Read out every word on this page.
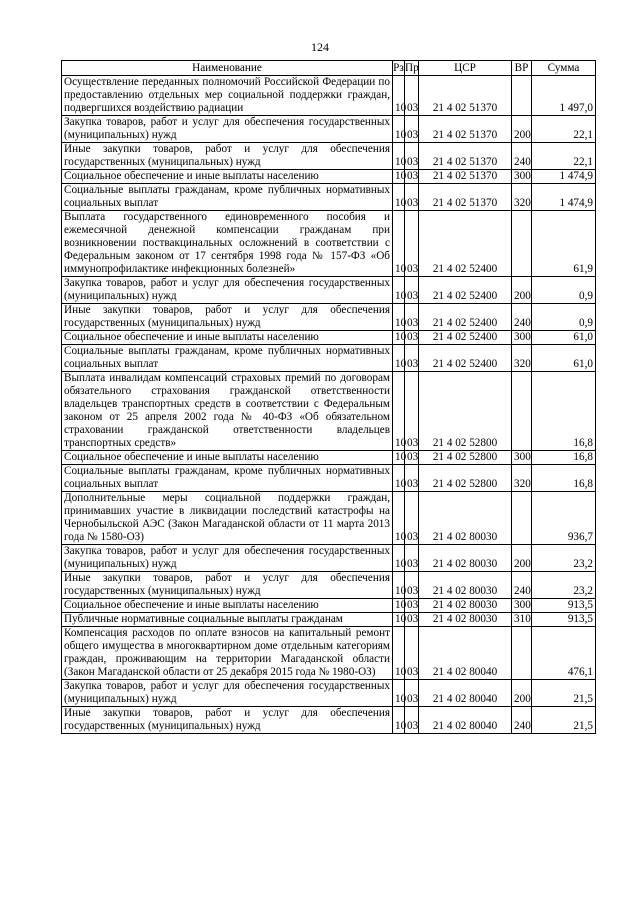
124
Наименование	Рз	Пр	ЦСР	ВР	Сумма
Осуществление переданных полномочий Российской Федерации по предоставлению отдельных мер социальной поддержки граждан, подвергшихся воздействию радиации	10	03	21 4 02 51370		1 497,0
Закупка товаров, работ и услуг для обеспечения государственных (муниципальных) нужд	10	03	21 4 02 51370	200	22,1
Иные закупки товаров, работ и услуг для обеспечения государственных (муниципальных) нужд	10	03	21 4 02 51370	240	22,1
Социальное обеспечение и иные выплаты населению	10	03	21 4 02 51370	300	1 474,9
Социальные выплаты гражданам, кроме публичных нормативных социальных выплат	10	03	21 4 02 51370	320	1 474,9
Выплата государственного единовременного пособия и ежемесячной денежной компенсации гражданам при возникновении поствакцинальных осложнений в соответствии с Федеральным законом от 17 сентября 1998 года № 157-ФЗ «Об иммунопрофилактике инфекционных болезней»	10	03	21 4 02 52400		61,9
Закупка товаров, работ и услуг для обеспечения государственных (муниципальных) нужд	10	03	21 4 02 52400	200	0,9
Иные закупки товаров, работ и услуг для обеспечения государственных (муниципальных) нужд	10	03	21 4 02 52400	240	0,9
Социальное обеспечение и иные выплаты населению	10	03	21 4 02 52400	300	61,0
Социальные выплаты гражданам, кроме публичных нормативных социальных выплат	10	03	21 4 02 52400	320	61,0
Выплата инвалидам компенсаций страховых премий по договорам обязательного страхования гражданской ответственности владельцев транспортных средств в соответствии с Федеральным законом от 25 апреля 2002 года № 40-ФЗ «Об обязательном страховании гражданской ответственности владельцев транспортных средств»	10	03	21 4 02 52800		16,8
Социальное обеспечение и иные выплаты населению	10	03	21 4 02 52800	300	16,8
Социальные выплаты гражданам, кроме публичных нормативных социальных выплат	10	03	21 4 02 52800	320	16,8
Дополнительные меры социальной поддержки граждан, принимавших участие в ликвидации последствий катастрофы на Чернобыльской АЭС (Закон Магаданской области от 11 марта 2013 года № 1580-ОЗ)	10	03	21 4 02 80030		936,7
Закупка товаров, работ и услуг для обеспечения государственных (муниципальных) нужд	10	03	21 4 02 80030	200	23,2
Иные закупки товаров, работ и услуг для обеспечения государственных (муниципальных) нужд	10	03	21 4 02 80030	240	23,2
Социальное обеспечение и иные выплаты населению	10	03	21 4 02 80030	300	913,5
Публичные нормативные социальные выплаты гражданам	10	03	21 4 02 80030	310	913,5
Компенсация расходов по оплате взносов на капитальный ремонт общего имущества в многоквартирном доме отдельным категориям граждан, проживающим на территории Магаданской области (Закон Магаданской области от 25 декабря 2015 года № 1980-ОЗ)	10	03	21 4 02 80040		476,1
Закупка товаров, работ и услуг для обеспечения государственных (муниципальных) нужд	10	03	21 4 02 80040	200	21,5
Иные закупки товаров, работ и услуг для обеспечения государственных (муниципальных) нужд	10	03	21 4 02 80040	240	21,5
